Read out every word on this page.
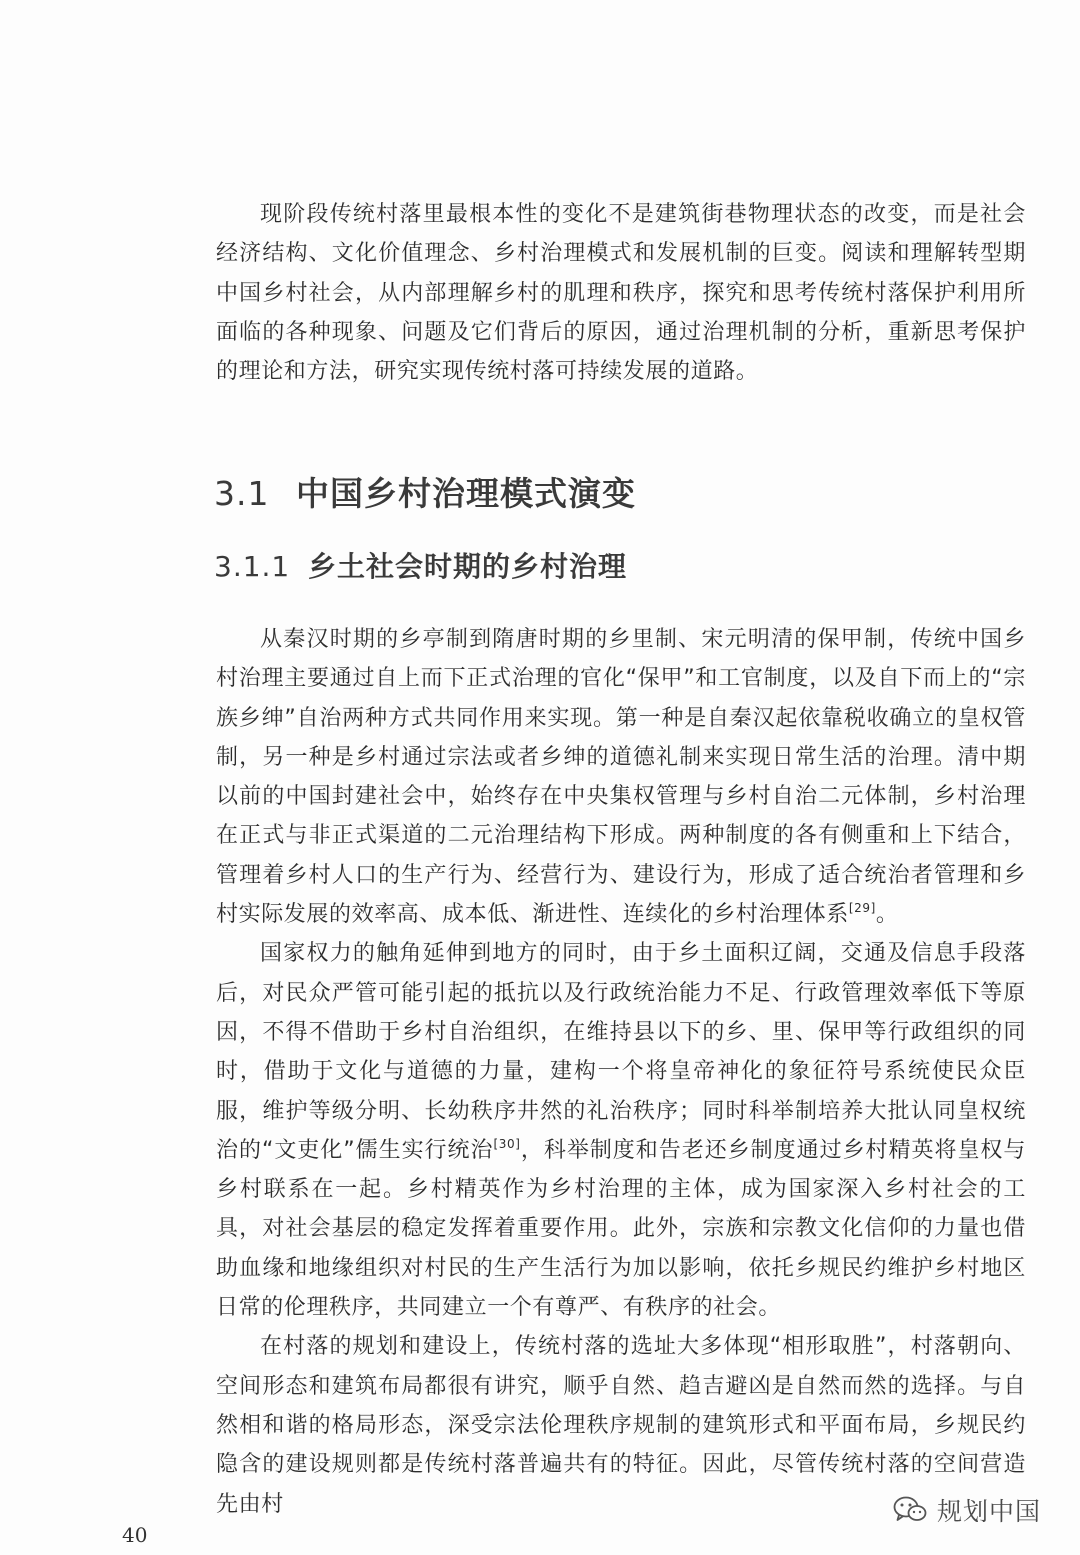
现阶段传统村落里最根本性的变化不是建筑街巷物理状态的改变，而是社会经济结构、文化价值理念、乡村治理模式和发展机制的巨变。阅读和理解转型期中国乡村社会，从内部理解乡村的肌理和秩序，探究和思考传统村落保护利用所面临的各种现象、问题及它们背后的原因，通过治理机制的分析，重新思考保护的理论和方法，研究实现传统村落可持续发展的道路。

3.1 中国乡村治理模式演变
3.1.1 乡土社会时期的乡村治理

从秦汉时期的乡亭制到隋唐时期的乡里制、宋元明清的保甲制，传统中国乡村治理主要通过自上而下正式治理的官化“保甲”和工官制度，以及自下而上的“宗族乡绅”自治两种方式共同作用来实现。第一种是自秦汉起依靠税收确立的皇权管制，另一种是乡村通过宗法或者乡绅的道德礼制来实现日常生活的治理。清中期以前的中国封建社会中，始终存在中央集权管理与乡村自治二元体制，乡村治理在正式与非正式渠道的二元治理结构下形成。两种制度的各有侧重和上下结合，管理着乡村人口的生产行为、经营行为、建设行为，形成了适合统治者管理和乡村实际发展的效率高、成本低、渐进性、连续化的乡村治理体系[29]。

国家权力的触角延伸到地方的同时，由于乡土面积辽阔，交通及信息手段落后，对民众严管可能引起的抵抗以及行政统治能力不足、行政管理效率低下等原因，不得不借助于乡村自治组织，在维持县以下的乡、里、保甲等行政组织的同时，借助于文化与道德的力量，建构一个将皇帝神化的象征符号系统使民众臣服，维护等级分明、长幼秩序井然的礼治秩序；同时科举制培养大批认同皇权统治的“文吏化”儒生实行统治[30]，科举制度和告老还乡制度通过乡村精英将皇权与乡村联系在一起。乡村精英作为乡村治理的主体，成为国家深入乡村社会的工具，对社会基层的稳定发挥着重要作用。此外，宗族和宗教文化信仰的力量也借助血缘和地缘组织对村民的生产生活行为加以影响，依托乡规民约维护乡村地区日常的伦理秩序，共同建立一个有尊严、有秩序的社会。

在村落的规划和建设上，传统村落的选址大多体现“相形取胜”，村落朝向、空间形态和建筑布局都很有讲究，顺乎自然、趋吉避凶是自然而然的选择。与自然相和谐的格局形态，深受宗法伦理秩序规制的建筑形式和平面布局，乡规民约隐含的建设规则都是传统村落普遍共有的特征。因此，尽管传统村落的空间营造先由村

40
规划中国
